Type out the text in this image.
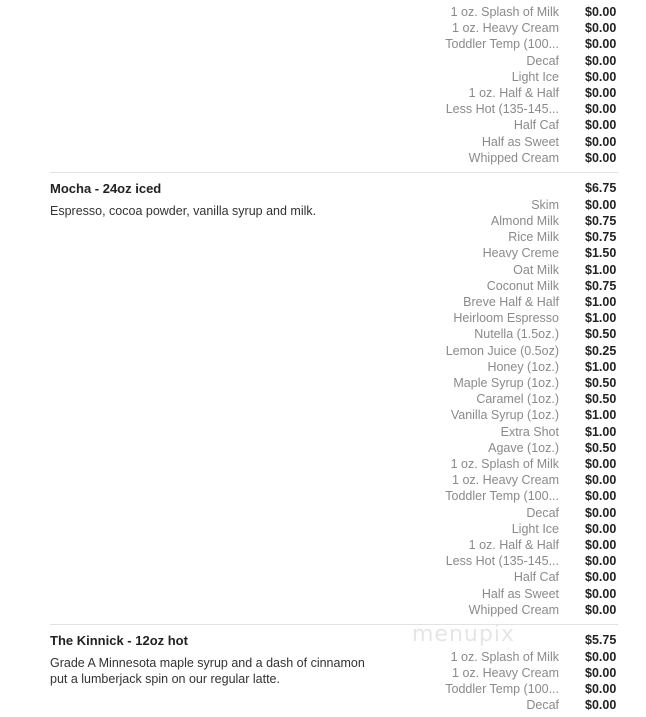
menupix
1 oz. Splash of Milk $0.00
1 oz. Heavy Cream $0.00
Toddler Temp (100... $0.00
Decaf $0.00
Light Ice $0.00
1 oz. Half & Half $0.00
Less Hot (135-145... $0.00
Half Caf $0.00
Half as Sweet $0.00
Whipped Cream $0.00
Mocha - 24oz iced	$6.75
Espresso, cocoa powder, vanilla syrup and milk.	Skim $0.00
Almond Milk $0.75
Rice Milk $0.75
Heavy Creme $1.50
Oat Milk $1.00
Coconut Milk $0.75
Breve Half & Half $1.00
Heirloom Espresso $1.00
Nutella (1.5oz.) $0.50
Lemon Juice (0.5oz) $0.25
Honey (1oz.) $1.00
Maple Syrup (1oz.) $0.50
Caramel (1oz.) $0.50
Vanilla Syrup (1oz.) $1.00
Extra Shot $1.00
Agave (1oz.) $0.50
1 oz. Splash of Milk $0.00
1 oz. Heavy Cream $0.00
Toddler Temp (100... $0.00
Decaf $0.00
Light Ice $0.00
1 oz. Half & Half $0.00
Less Hot (135-145... $0.00
Half Caf $0.00
Half as Sweet $0.00
Whipped Cream $0.00
The Kinnick - 12oz hot	$5.75
Grade A Minnesota maple syrup and a dash of cinnamon put a lumberjack spin on our regular latte.
1 oz. Splash of Milk $0.00
1 oz. Heavy Cream $0.00
Toddler Temp (100... $0.00
Decaf $0.00
